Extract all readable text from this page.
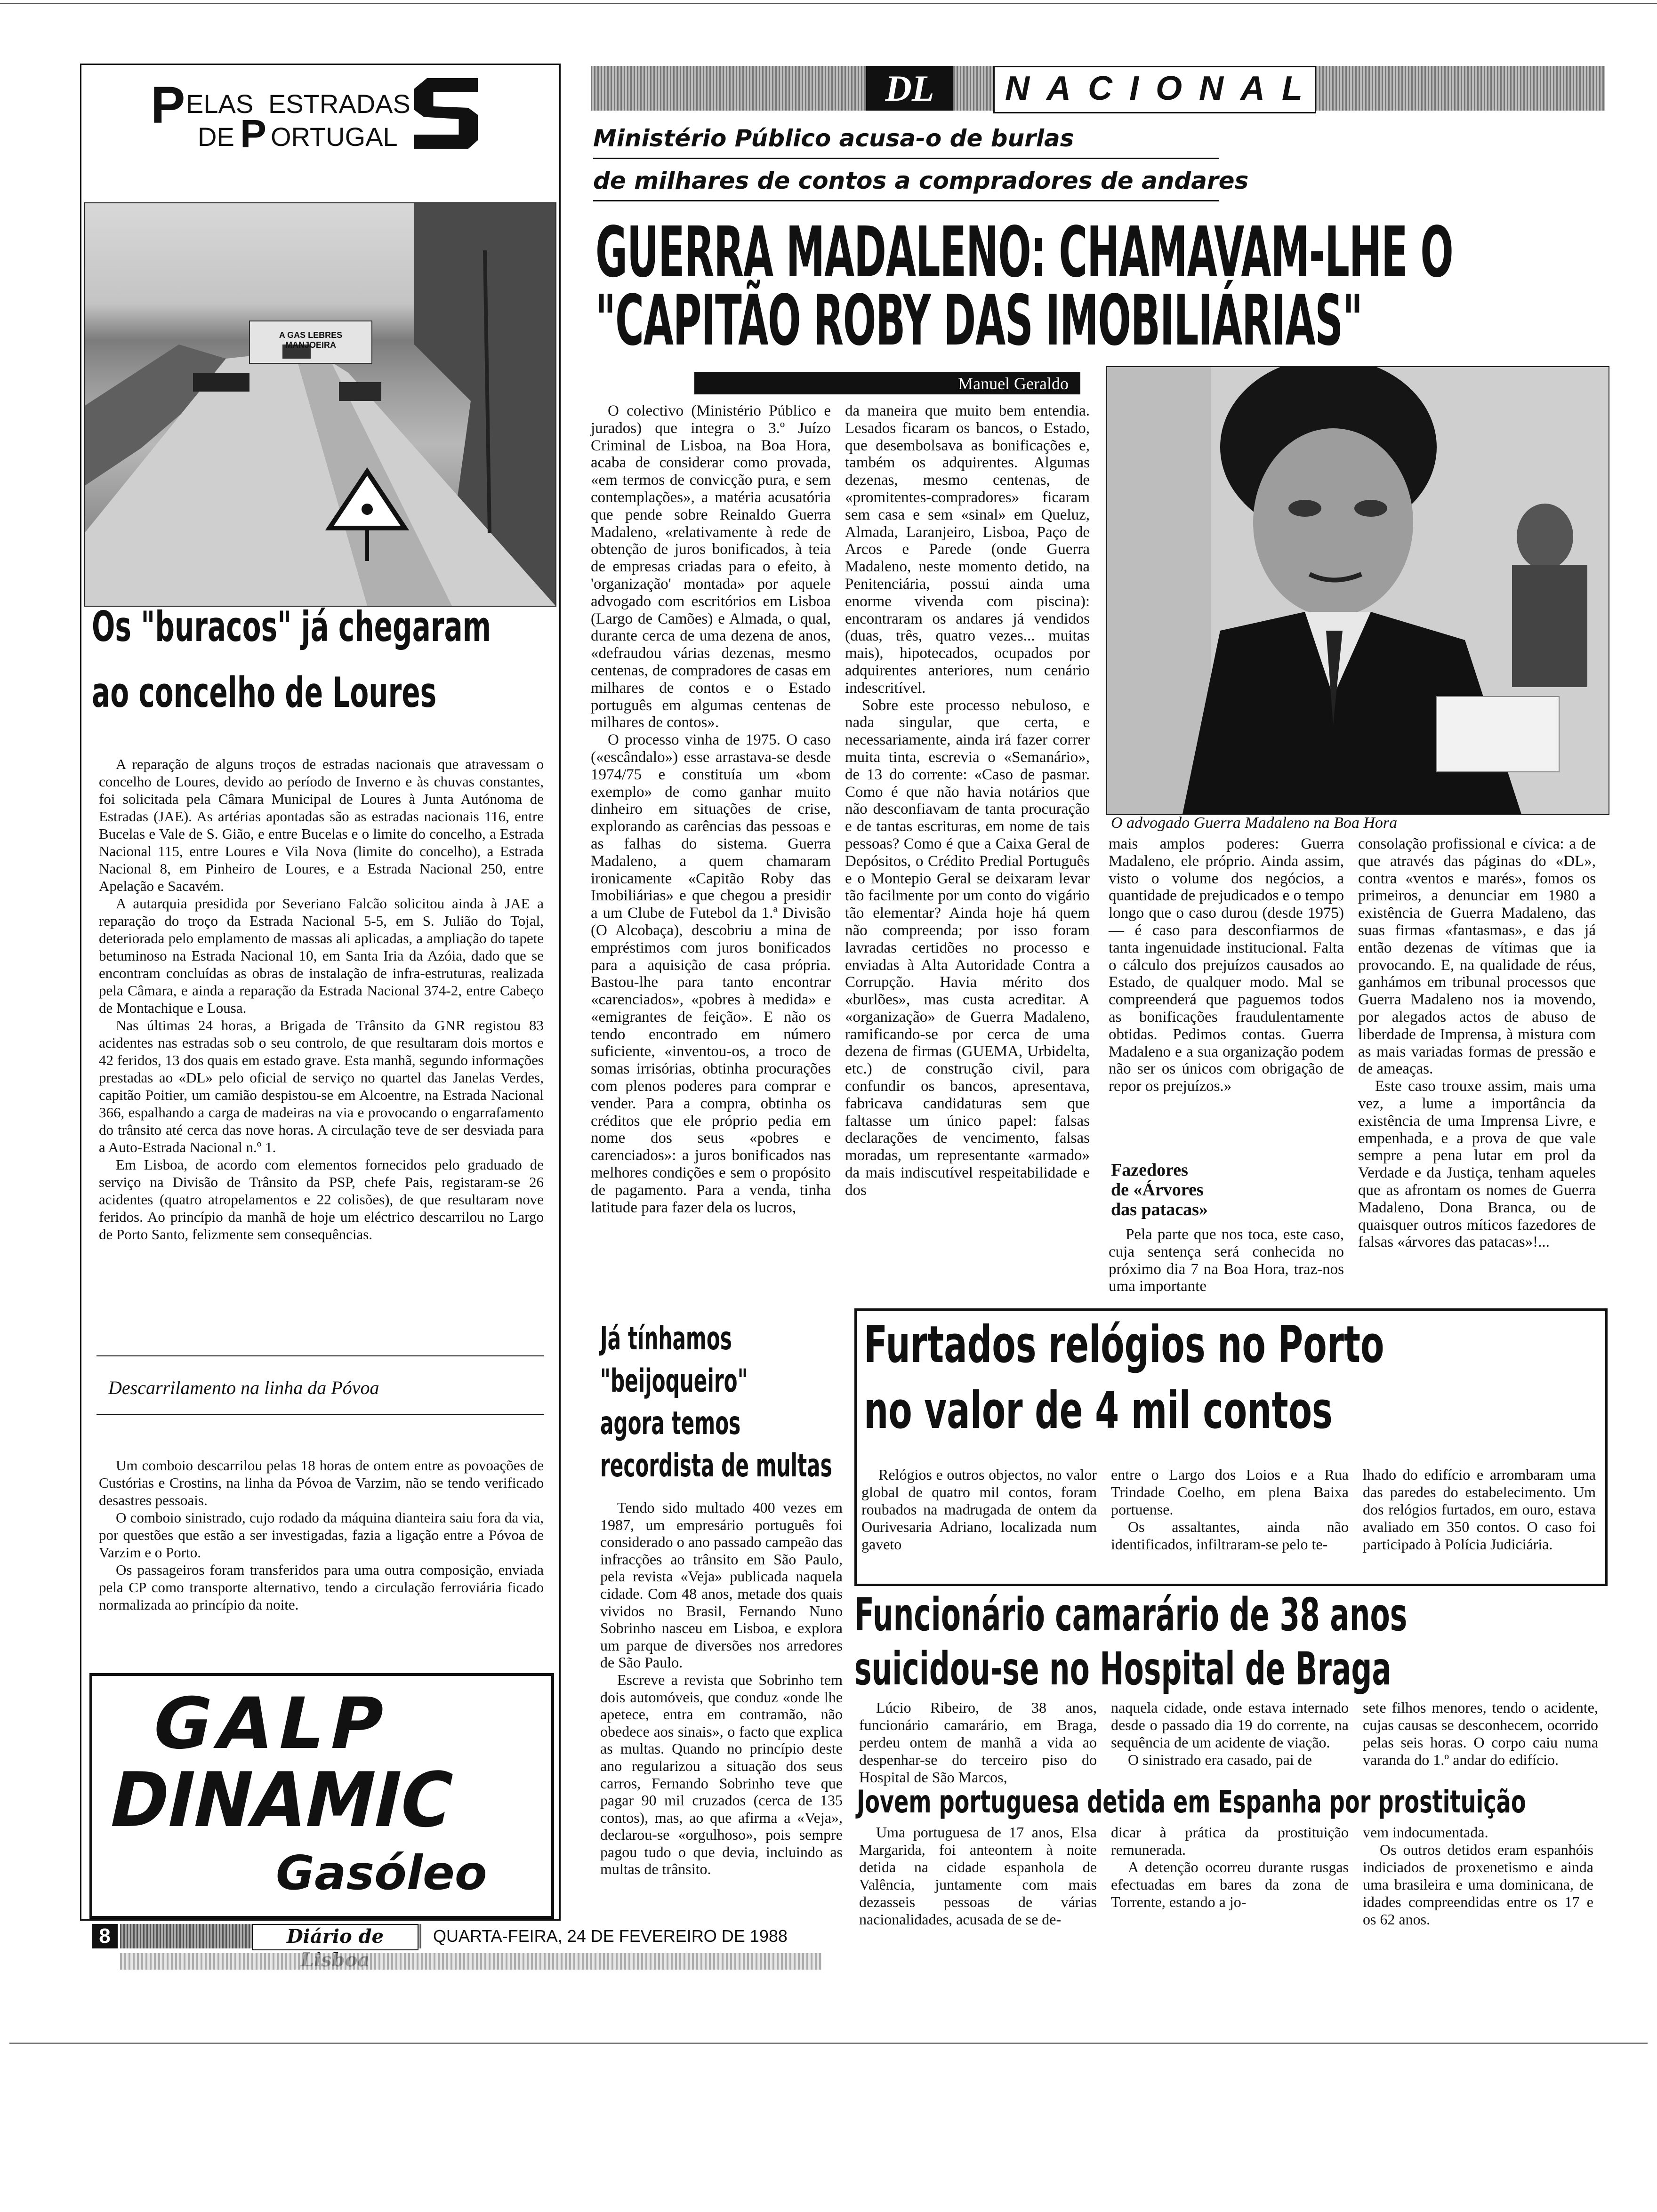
P ELAS ESTRADAS
DE P ORTUGAL
A GAS LEBRES MANJOEIRA
Os "buracos" já chegaram
ao concelho de Loures

A reparação de alguns troços de estradas nacionais que atravessam o concelho de Loures, devido ao período de Inverno e às chuvas constantes, foi solicitada pela Câmara Municipal de Loures à Junta Autónoma de Estradas (JAE). As artérias apontadas são as estradas nacionais 116, entre Bucelas e Vale de S. Gião, e entre Bucelas e o limite do concelho, a Estrada Nacional 115, entre Loures e Vila Nova (limite do concelho), a Estrada Nacional 8, em Pinheiro de Loures, e a Estrada Nacional 250, entre Apelação e Sacavém.

A autarquia presidida por Severiano Falcão solicitou ainda à JAE a reparação do troço da Estrada Nacional 5-5, em S. Julião do Tojal, deteriorada pelo emplamento de massas ali aplicadas, a ampliação do tapete betuminoso na Estrada Nacional 10, em Santa Iria da Azóia, dado que se encontram concluídas as obras de instalação de infra-estruturas, realizada pela Câmara, e ainda a reparação da Estrada Nacional 374-2, entre Cabeço de Montachique e Lousa.

Nas últimas 24 horas, a Brigada de Trânsito da GNR registou 83 acidentes nas estradas sob o seu controlo, de que resultaram dois mortos e 42 feridos, 13 dos quais em estado grave. Esta manhã, segundo informações prestadas ao «DL» pelo oficial de serviço no quartel das Janelas Verdes, capitão Poitier, um camião despistou-se em Alcoentre, na Estrada Nacional 366, espalhando a carga de madeiras na via e provocando o engarrafamento do trânsito até cerca das nove horas. A circulação teve de ser desviada para a Auto-Estrada Nacional n.º 1.

Em Lisboa, de acordo com elementos fornecidos pelo graduado de serviço na Divisão de Trânsito da PSP, chefe Pais, registaram-se 26 acidentes (quatro atropelamentos e 22 colisões), de que resultaram nove feridos. Ao princípio da manhã de hoje um eléctrico descarrilou no Largo de Porto Santo, felizmente sem consequências.

Descarrilamento na linha da Póvoa

Um comboio descarrilou pelas 18 horas de ontem entre as povoações de Custórias e Crostins, na linha da Póvoa de Varzim, não se tendo verificado desastres pessoais.

O comboio sinistrado, cujo rodado da máquina dianteira saiu fora da via, por questões que estão a ser investigadas, fazia a ligação entre a Póvoa de Varzim e o Porto.

Os passageiros foram transferidos para uma outra composição, enviada pela CP como transporte alternativo, tendo a circulação ferroviária ficado normalizada ao princípio da noite.

GALP
DINAMIC
Gasóleo
DL	NACIONAL
Ministério Público acusa-o de burlas
de milhares de contos a compradores de andares
GUERRA MADALENO: CHAMAVAM-LHE O
"CAPITÃO ROBY DAS IMOBILIÁRIAS"
Manuel Geraldo

O colectivo (Ministério Público e jurados) que integra o 3.º Juízo Criminal de Lisboa, na Boa Hora, acaba de considerar como provada, «em termos de convicção pura, e sem contemplações», a matéria acusatória que pende sobre Reinaldo Guerra Madaleno, «relativamente à rede de obtenção de juros bonificados, à teia de empresas criadas para o efeito, à 'organização' montada» por aquele advogado com escritórios em Lisboa (Largo de Camões) e Almada, o qual, durante cerca de uma dezena de anos, «defraudou várias dezenas, mesmo centenas, de compradores de casas em milhares de contos e o Estado português em algumas centenas de milhares de contos».

O processo vinha de 1975. O caso («escândalo») esse arrastava-se desde 1974/75 e constituía um «bom exemplo» de como ganhar muito dinheiro em situações de crise, explorando as carências das pessoas e as falhas do sistema. Guerra Madaleno, a quem chamaram ironicamente «Capitão Roby das Imobiliárias» e que chegou a presidir a um Clube de Futebol da 1.ª Divisão (O Alcobaça), descobriu a mina de empréstimos com juros bonificados para a aquisição de casa própria. Bastou-lhe para tanto encontrar «carenciados», «pobres à medida» e «emigrantes de feição». E não os tendo encontrado em número suficiente, «inventou-os, a troco de somas irrisórias, obtinha procurações com plenos poderes para comprar e vender. Para a compra, obtinha os créditos que ele próprio pedia em nome dos seus «pobres e carenciados»: a juros bonificados nas melhores condições e sem o propósito de pagamento. Para a venda, tinha latitude para fazer dela os lucros,

da maneira que muito bem entendia. Lesados ficaram os bancos, o Estado, que desembolsava as bonificações e, também os adquirentes. Algumas dezenas, mesmo centenas, de «promitentes-compradores» ficaram sem casa e sem «sinal» em Queluz, Almada, Laranjeiro, Lisboa, Paço de Arcos e Parede (onde Guerra Madaleno, neste momento detido, na Penitenciária, possui ainda uma enorme vivenda com piscina): encontraram os andares já vendidos (duas, três, quatro vezes... muitas mais), hipotecados, ocupados por adquirentes anteriores, num cenário indescritível.

Sobre este processo nebuloso, e nada singular, que certa, e necessariamente, ainda irá fazer correr muita tinta, escrevia o «Semanário», de 13 do corrente: «Caso de pasmar. Como é que não havia notários que não desconfiavam de tanta procuração e de tantas escrituras, em nome de tais pessoas? Como é que a Caixa Geral de Depósitos, o Crédito Predial Português e o Montepio Geral se deixaram levar tão facilmente por um conto do vigário tão elementar? Ainda hoje há quem não compreenda; por isso foram lavradas certidões no processo e enviadas à Alta Autoridade Contra a Corrupção. Havia mérito dos «burlões», mas custa acreditar. A «organização» de Guerra Madaleno, ramificando-se por cerca de uma dezena de firmas (GUEMA, Urbidelta, etc.) de construção civil, para confundir os bancos, apresentava, fabricava candidaturas sem que faltasse um único papel: falsas declarações de vencimento, falsas moradas, um representante «armado» da mais indiscutível respeitabilidade e dos

O advogado Guerra Madaleno na Boa Hora

mais amplos poderes: Guerra Madaleno, ele próprio. Ainda assim, visto o volume dos negócios, a quantidade de prejudicados e o tempo longo que o caso durou (desde 1975) — é caso para desconfiarmos de tanta ingenuidade institucional. Falta o cálculo dos prejuízos causados ao Estado, de qualquer modo. Mal se compreenderá que paguemos todos as bonificações fraudulentamente obtidas. Pedimos contas. Guerra Madaleno e a sua organização podem não ser os únicos com obrigação de repor os prejuízos.»

Fazedores
de «Árvores
das patacas»

Pela parte que nos toca, este caso, cuja sentença será conhecida no próximo dia 7 na Boa Hora, traz-nos uma importante

consolação profissional e cívica: a de que através das páginas do «DL», contra «ventos e marés», fomos os primeiros, a denunciar em 1980 a existência de Guerra Madaleno, das suas firmas «fantasmas», e das já então dezenas de vítimas que ia provocando. E, na qualidade de réus, ganhámos em tribunal processos que Guerra Madaleno nos ia movendo, por alegados actos de abuso de liberdade de Imprensa, à mistura com as mais variadas formas de pressão e de ameaças.

Este caso trouxe assim, mais uma vez, a lume a importância da existência de uma Imprensa Livre, e empenhada, e a prova de que vale sempre a pena lutar em prol da Verdade e da Justiça, tenham aqueles que as afrontam os nomes de Guerra Madaleno, Dona Branca, ou de quaisquer outros míticos fazedores de falsas «árvores das patacas»!...

Já tínhamos
"beijoqueiro"
agora temos
recordista de multas

Tendo sido multado 400 vezes em 1987, um empresário português foi considerado o ano passado campeão das infracções ao trânsito em São Paulo, pela revista «Veja» publicada naquela cidade. Com 48 anos, metade dos quais vividos no Brasil, Fernando Nuno Sobrinho nasceu em Lisboa, e explora um parque de diversões nos arredores de São Paulo.

Escreve a revista que Sobrinho tem dois automóveis, que conduz «onde lhe apetece, entra em contramão, não obedece aos sinais», o facto que explica as multas. Quando no princípio deste ano regularizou a situação dos seus carros, Fernando Sobrinho teve que pagar 90 mil cruzados (cerca de 135 contos), mas, ao que afirma a «Veja», declarou-se «orgulhoso», pois sempre pagou tudo o que devia, incluindo as multas de trânsito.

Furtados relógios no Porto
no valor de 4 mil contos

Relógios e outros objectos, no valor global de quatro mil contos, foram roubados na madrugada de ontem da Ourivesaria Adriano, localizada num gaveto

entre o Largo dos Loios e a Rua Trindade Coelho, em plena Baixa portuense.

Os assaltantes, ainda não identificados, infiltraram-se pelo te-

lhado do edifício e arrombaram uma das paredes do estabelecimento. Um dos relógios furtados, em ouro, estava avaliado em 350 contos. O caso foi participado à Polícia Judiciária.

Funcionário camarário de 38 anos
suicidou-se no Hospital de Braga

Lúcio Ribeiro, de 38 anos, funcionário camarário, em Braga, perdeu ontem de manhã a vida ao despenhar-se do terceiro piso do Hospital de São Marcos,

naquela cidade, onde estava internado desde o passado dia 19 do corrente, na sequência de um acidente de viação.

O sinistrado era casado, pai de

sete filhos menores, tendo o acidente, cujas causas se desconhecem, ocorrido pelas seis horas. O corpo caiu numa varanda do 1.º andar do edifício.

Jovem portuguesa detida em Espanha por prostituição

Uma portuguesa de 17 anos, Elsa Margarida, foi anteontem à noite detida na cidade espanhola de Valência, juntamente com mais dezasseis pessoas de várias nacionalidades, acusada de se de-

dicar à prática da prostituição remunerada.

A detenção ocorreu durante rusgas efectuadas em bares da zona de Torrente, estando a jo-

vem indocumentada.

Os outros detidos eram espanhóis indiciados de proxenetismo e ainda uma brasileira e uma dominicana, de idades compreendidas entre os 17 e os 62 anos.

8	Diário de	QUARTA-FEIRA, 24 DE FEVEREIRO DE 1988
